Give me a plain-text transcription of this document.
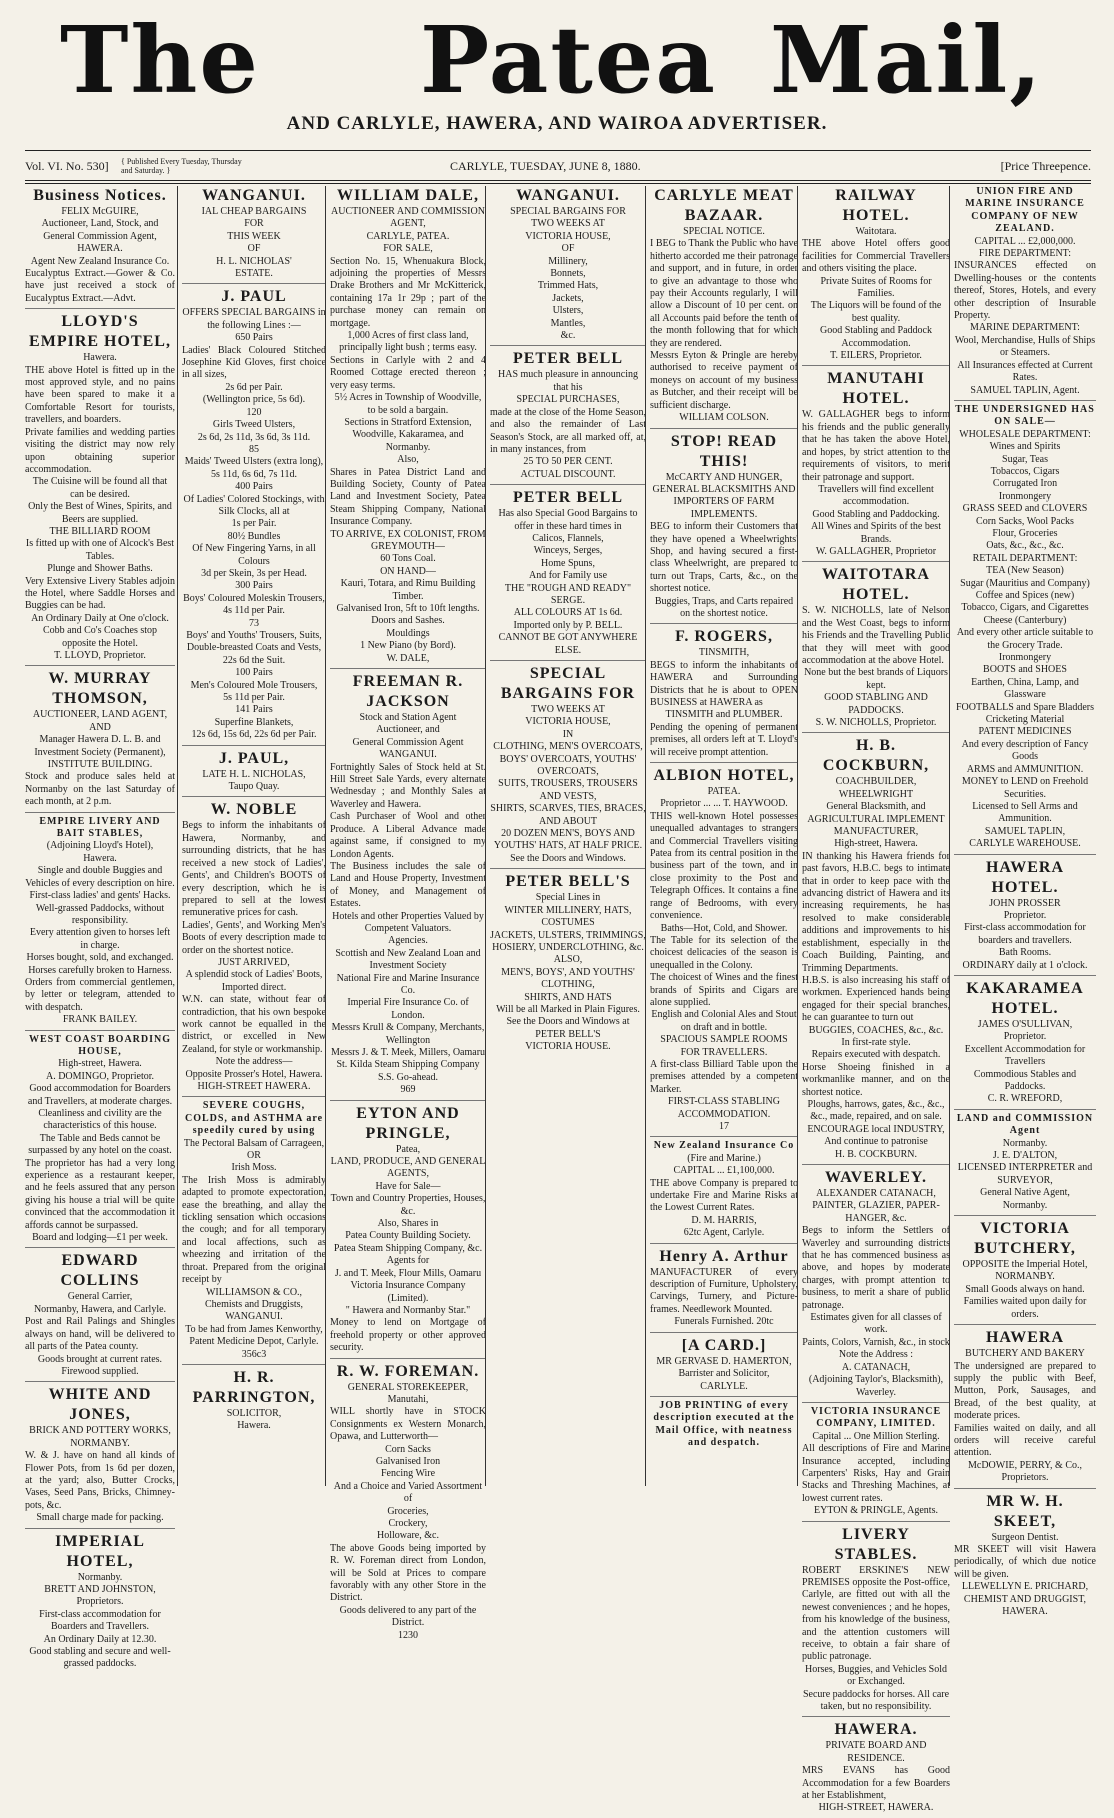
The Patea Mail,
AND CARLYLE, HAWERA, AND WAIROA ADVERTISER.
Vol. VI. No. 530] { Published Every Tuesday, Thursday and Saturday. }	CARLYLE, TUESDAY, JUNE 8, 1880.	[Price Threepence.

Business Notices.

FELIX McGUIRE,

Auctioneer, Land, Stock, and General Commission Agent,

HAWERA.

Agent New Zealand Insurance Co.

Eucalyptus Extract.—Gower & Co. have just received a stock of Eucalyptus Extract.—Advt.

LLOYD'S EMPIRE HOTEL,

Hawera.

THE above Hotel is fitted up in the most approved style, and no pains have been spared to make it a Comfortable Resort for tourists, travellers, and boarders.

Private families and wedding parties visiting the district may now rely upon obtaining superior accommodation.

The Cuisine will be found all that can be desired.

Only the Best of Wines, Spirits, and Beers are supplied.

THE BILLIARD ROOM

Is fitted up with one of Alcock's Best Tables.

Plunge and Shower Baths.

Very Extensive Livery Stables adjoin the Hotel, where Saddle Horses and Buggies can be had.

An Ordinary Daily at One o'clock.

Cobb and Co's Coaches stop opposite the Hotel.

T. LLOYD, Proprietor.

W. MURRAY THOMSON,

AUCTIONEER, LAND AGENT,

AND

Manager Hawera D. L. B. and Investment Society (Permanent),

INSTITUTE BUILDING.

Stock and produce sales held at Normanby on the last Saturday of each month, at 2 p.m.

EMPIRE LIVERY AND BAIT STABLES,

(Adjoining Lloyd's Hotel),

Hawera.

Single and double Buggies and Vehicles of every description on hire.

First-class ladies' and gents' Hacks.

Well-grassed Paddocks, without responsibility.

Every attention given to horses left in charge.

Horses bought, sold, and exchanged.

Horses carefully broken to Harness.

Orders from commercial gentlemen, by letter or telegram, attended to with despatch.

FRANK BAILEY.

WEST COAST BOARDING HOUSE,

High-street, Hawera.

A. DOMINGO, Proprietor.

Good accommodation for Boarders and Travellers, at moderate charges.

Cleanliness and civility are the characteristics of this house.

The Table and Beds cannot be surpassed by any hotel on the coast.

The proprietor has had a very long experience as a restaurant keeper, and he feels assured that any person giving his house a trial will be quite convinced that the accommodation it affords cannot be surpassed.

Board and lodging—£1 per week.

EDWARD COLLINS

General Carrier,

Normanby, Hawera, and Carlyle.

Post and Rail Palings and Shingles always on hand, will be delivered to all parts of the Patea county.

Goods brought at current rates.

Firewood supplied.

WHITE AND JONES,

BRICK AND POTTERY WORKS,

NORMANBY.

W. & J. have on hand all kinds of Flower Pots, from 1s 6d per dozen, at the yard; also, Butter Crocks, Vases, Seed Pans, Bricks, Chimney-pots, &c.

Small charge made for packing.

IMPERIAL HOTEL,

Normanby.

BRETT AND JOHNSTON,

Proprietors.

First-class accommodation for Boarders and Travellers.

An Ordinary Daily at 12.30.

Good stabling and secure and well-grassed paddocks.

WANGANUI.

IAL CHEAP BARGAINS

FOR

THIS WEEK

OF

H. L. NICHOLAS'

ESTATE.

J. PAUL

OFFERS SPECIAL BARGAINS in the following Lines :—

650 Pairs

Ladies' Black Coloured Stitched Josephine Kid Gloves, first choice in all sizes,

2s 6d per Pair.

(Wellington price, 5s 6d).

120

Girls Tweed Ulsters,

2s 6d, 2s 11d, 3s 6d, 3s 11d.

85

Maids' Tweed Ulsters (extra long),

5s 11d, 6s 6d, 7s 11d.

400 Pairs

Of Ladies' Colored Stockings, with Silk Clocks, all at

1s per Pair.

80½ Bundles

Of New Fingering Yarns, in all Colours

3d per Skein, 3s per Head.

300 Pairs

Boys' Coloured Moleskin Trousers,

4s 11d per Pair.

73

Boys' and Youths' Trousers, Suits, Double-breasted Coats and Vests,

22s 6d the Suit.

100 Pairs

Men's Coloured Mole Trousers,

5s 11d per Pair.

141 Pairs

Superfine Blankets,

12s 6d, 15s 6d, 22s 6d per Pair.

J. PAUL,

LATE H. L. NICHOLAS,

Taupo Quay.

W. NOBLE

Begs to inform the inhabitants of Hawera, Normanby, and surrounding districts, that he has received a new stock of Ladies', Gents', and Children's BOOTS of every description, which he is prepared to sell at the lowest remunerative prices for cash.

Ladies', Gents', and Working Men's Boots of every description made to order on the shortest notice.

JUST ARRIVED,

A splendid stock of Ladies' Boots, Imported direct.

W.N. can state, without fear of contradiction, that his own bespoke work cannot be equalled in the district, or excelled in New Zealand, for style or workmanship.

Note the address—

Opposite Prosser's Hotel, Hawera.

HIGH-STREET HAWERA.

SEVERE COUGHS, COLDS, and ASTHMA are speedily cured by using

The Pectoral Balsam of Carrageen,

OR

Irish Moss.

The Irish Moss is admirably adapted to promote expectoration, ease the breathing, and allay the tickling sensation which occasions the cough; and for all temporary and local affections, such as wheezing and irritation of the throat. Prepared from the original receipt by

WILLIAMSON & CO.,

Chemists and Druggists,

WANGANUI.

To be had from James Kenworthy, Patent Medicine Depot, Carlyle.

356c3

H. R. PARRINGTON,

SOLICITOR,

Hawera.

WILLIAM DALE,

AUCTIONEER AND COMMISSION AGENT,

CARLYLE, PATEA.

FOR SALE,

Section No. 15, Whenuakura Block, adjoining the properties of Messrs Drake Brothers and Mr McKitterick, containing 17a 1r 29p ; part of the purchase money can remain on mortgage.

1,000 Acres of first class land, principally light bush ; terms easy.

Sections in Carlyle with 2 and 4 Roomed Cottage erected thereon ; very easy terms.

5½ Acres in Township of Woodville, to be sold a bargain.

Sections in Stratford Extension, Woodville, Kakaramea, and Normanby.

Also,

Shares in Patea District Land and Building Society, County of Patea Land and Investment Society, Patea Steam Shipping Company, National Insurance Company.

TO ARRIVE, EX COLONIST, FROM GREYMOUTH—

60 Tons Coal.

ON HAND—

Kauri, Totara, and Rimu Building Timber.

Galvanised Iron, 5ft to 10ft lengths.

Doors and Sashes.

Mouldings

1 New Piano (by Bord).

W. DALE,

FREEMAN R. JACKSON

Stock and Station Agent

Auctioneer, and

General Commission Agent

WANGANUI.

Fortnightly Sales of Stock held at St. Hill Street Sale Yards, every alternate Wednesday ; and Monthly Sales at Waverley and Hawera.

Cash Purchaser of Wool and other Produce. A Liberal Advance made against same, if consigned to my London Agents.

The Business includes the sale of Land and House Property, Investment of Money, and Management of Estates.

Hotels and other Properties Valued by Competent Valuators.

Agencies.

Scottish and New Zealand Loan and Investment Society

National Fire and Marine Insurance Co.

Imperial Fire Insurance Co. of London.

Messrs Krull & Company, Merchants, Wellington

Messrs J. & T. Meek, Millers, Oamaru

St. Kilda Steam Shipping Company

S.S. Go-ahead.

969

EYTON AND PRINGLE,

Patea,

LAND, PRODUCE, AND GENERAL AGENTS,

Have for Sale—

Town and Country Properties, Houses, &c.

Also, Shares in

Patea County Building Society.

Patea Steam Shipping Company, &c.

Agents for

J. and T. Meek, Flour Mills, Oamaru

Victoria Insurance Company (Limited).

" Hawera and Normanby Star."

Money to lend on Mortgage of freehold property or other approved security.

R. W. FOREMAN.

GENERAL STOREKEEPER,

Manutahi,

WILL shortly have in STOCK Consignments ex Western Monarch, Opawa, and Lutterworth—

Corn Sacks

Galvanised Iron

Fencing Wire

And a Choice and Varied Assortment of

Groceries,

Crockery,

Holloware, &c.

The above Goods being imported by R. W. Foreman direct from London, will be Sold at Prices to compare favorably with any other Store in the District.

Goods delivered to any part of the District.

1230

WANGANUI.

SPECIAL BARGAINS FOR

TWO WEEKS AT

VICTORIA HOUSE,

OF

Millinery,

Bonnets,

Trimmed Hats,

Jackets,

Ulsters,

Mantles,

&c.

PETER BELL

HAS much pleasure in announcing that his

SPECIAL PURCHASES,

made at the close of the Home Season, and also the remainder of Last Season's Stock, are all marked off, at, in many instances, from

25 TO 50 PER CENT.

ACTUAL DISCOUNT.

PETER BELL

Has also Special Good Bargains to offer in these hard times in

Calicos, Flannels,

Winceys, Serges,

Home Spuns,

And for Family use

THE "ROUGH AND READY" SERGE.

ALL COLOURS AT 1s 6d.

Imported only by P. BELL.

CANNOT BE GOT ANYWHERE ELSE.

SPECIAL BARGAINS FOR

TWO WEEKS AT

VICTORIA HOUSE,

IN

CLOTHING, MEN'S OVERCOATS, BOYS' OVERCOATS, YOUTHS' OVERCOATS,

SUITS, TROUSERS, TROUSERS AND VESTS,

SHIRTS, SCARVES, TIES, BRACES,

AND ABOUT

20 DOZEN MEN'S, BOYS AND YOUTHS' HATS, AT HALF PRICE.

See the Doors and Windows.

PETER BELL'S

Special Lines in

WINTER MILLINERY, HATS, COSTUMES

JACKETS, ULSTERS, TRIMMINGS,

HOSIERY, UNDERCLOTHING, &c.

ALSO,

MEN'S, BOYS', AND YOUTHS' CLOTHING,

SHIRTS, AND HATS

Will be all Marked in Plain Figures.

See the Doors and Windows at

PETER BELL'S

VICTORIA HOUSE.

CARLYLE MEAT BAZAAR.

SPECIAL NOTICE.

I BEG to Thank the Public who have hitherto accorded me their patronage and support, and in future, in order to give an advantage to those who pay their Accounts regularly, I will allow a Discount of 10 per cent. on all Accounts paid before the tenth of the month following that for which they are rendered.

Messrs Eyton & Pringle are hereby authorised to receive payment of moneys on account of my business as Butcher, and their receipt will be sufficient discharge.

WILLIAM COLSON.

STOP! READ THIS!

McCARTY AND HUNGER,

GENERAL BLACKSMITHS AND IMPORTERS OF FARM IMPLEMENTS.

BEG to inform their Customers that they have opened a Wheelwrights' Shop, and having secured a first-class Wheelwright, are prepared to turn out Traps, Carts, &c., on the shortest notice.

Buggies, Traps, and Carts repaired on the shortest notice.

F. ROGERS,

TINSMITH,

BEGS to inform the inhabitants of HAWERA and Surrounding Districts that he is about to OPEN BUSINESS at HAWERA as

TINSMITH and PLUMBER.

Pending the opening of permanent premises, all orders left at T. Lloyd's will receive prompt attention.

ALBION HOTEL,

PATEA.

Proprietor ... ... T. HAYWOOD.

THIS well-known Hotel possesses unequalled advantages to strangers and Commercial Travellers visiting Patea from its central position in the business part of the town, and in close proximity to the Post and Telegraph Offices. It contains a fine range of Bedrooms, with every convenience.

Baths—Hot, Cold, and Shower.

The Table for its selection of the choicest delicacies of the season is unequalled in the Colony.

The choicest of Wines and the finest brands of Spirits and Cigars are alone supplied.

English and Colonial Ales and Stout on draft and in bottle.

SPACIOUS SAMPLE ROOMS FOR TRAVELLERS.

A first-class Billiard Table upon the premises attended by a competent Marker.

FIRST-CLASS STABLING ACCOMMODATION.

17

New Zealand Insurance Co

(Fire and Marine.)

CAPITAL ... £1,100,000.

THE above Company is prepared to undertake Fire and Marine Risks at the Lowest Current Rates.

D. M. HARRIS,

62tc Agent, Carlyle.

Henry A. Arthur

MANUFACTURER of every description of Furniture, Upholstery, Carvings, Turnery, and Picture-frames. Needlework Mounted.

Funerals Furnished. 20tc

[A CARD.]

MR GERVASE D. HAMERTON,

Barrister and Solicitor,

CARLYLE.

JOB PRINTING of every description executed at the Mail Office, with neatness and despatch.

RAILWAY HOTEL.

Waitotara.

THE above Hotel offers good facilities for Commercial Travellers and others visiting the place.

Private Suites of Rooms for Families.

The Liquors will be found of the best quality.

Good Stabling and Paddock Accommodation.

T. EILERS, Proprietor.

MANUTAHI HOTEL.

W. GALLAGHER begs to inform his friends and the public generally that he has taken the above Hotel, and hopes, by strict attention to the requirements of visitors, to merit their patronage and support.

Travellers will find excellent accommodation.

Good Stabling and Paddocking.

All Wines and Spirits of the best Brands.

W. GALLAGHER, Proprietor

WAITOTARA HOTEL.

S. W. NICHOLLS, late of Nelson and the West Coast, begs to inform his Friends and the Travelling Public that they will meet with good accommodation at the above Hotel.

None but the best brands of Liquors kept.

GOOD STABLING AND PADDOCKS.

S. W. NICHOLLS, Proprietor.

H. B. COCKBURN,

COACHBUILDER, WHEELWRIGHT

General Blacksmith, and

AGRICULTURAL IMPLEMENT MANUFACTURER,

High-street, Hawera.

IN thanking his Hawera friends for past favors, H.B.C. begs to intimate that in order to keep pace with the advancing district of Hawera and its increasing requirements, he has resolved to make considerable additions and improvements to his establishment, especially in the Coach Building, Painting, and Trimming Departments.

H.B.S. is also increasing his staff of workmen. Experienced hands being engaged for their special branches, he can guarantee to turn out

BUGGIES, COACHES, &c., &c.

In first-rate style.

Repairs executed with despatch.

Horse Shoeing finished in a workmanlike manner, and on the shortest notice.

Ploughs, harrows, gates, &c., &c., &c., made, repaired, and on sale.

ENCOURAGE local INDUSTRY,

And continue to patronise

H. B. COCKBURN.

WAVERLEY.

ALEXANDER CATANACH,

PAINTER, GLAZIER, PAPER-HANGER, &c.

Begs to inform the Settlers of Waverley and surrounding districts that he has commenced business as above, and hopes by moderate charges, with prompt attention to business, to merit a share of public patronage.

Estimates given for all classes of work.

Paints, Colors, Varnish, &c., in stock

Note the Address :

A. CATANACH,

(Adjoining Taylor's, Blacksmith),

Waverley.

VICTORIA INSURANCE COMPANY, LIMITED.

Capital ... One Million Sterling.

All descriptions of Fire and Marine Insurance accepted, including Carpenters' Risks, Hay and Grain Stacks and Threshing Machines, at lowest current rates.

EYTON & PRINGLE, Agents.

LIVERY STABLES.

ROBERT ERSKINE'S NEW PREMISES opposite the Post-office, Carlyle, are fitted out with all the newest conveniences ; and he hopes, from his knowledge of the business, and the attention customers will receive, to obtain a fair share of public patronage.

Horses, Buggies, and Vehicles Sold or Exchanged.

Secure paddocks for horses. All care taken, but no responsibility.

HAWERA.

PRIVATE BOARD AND RESIDENCE.

MRS EVANS has Good Accommodation for a few Boarders at her Establishment,

HIGH-STREET, HAWERA.

UNION FIRE AND MARINE INSURANCE COMPANY OF NEW ZEALAND.

CAPITAL ... £2,000,000.

FIRE DEPARTMENT:

INSURANCES effected on Dwelling-houses or the contents thereof, Stores, Hotels, and every other description of Insurable Property.

MARINE DEPARTMENT:

Wool, Merchandise, Hulls of Ships or Steamers.

All Insurances effected at Current Rates.

SAMUEL TAPLIN, Agent.

THE UNDERSIGNED HAS ON SALE—

WHOLESALE DEPARTMENT:

Wines and Spirits

Sugar, Teas

Tobaccos, Cigars

Corrugated Iron

Ironmongery

GRASS SEED and CLOVERS

Corn Sacks, Wool Packs

Flour, Groceries

Oats, &c., &c., &c.

RETAIL DEPARTMENT:

TEA (New Season)

Sugar (Mauritius and Company)

Coffee and Spices (new)

Tobacco, Cigars, and Cigarettes

Cheese (Canterbury)

And every other article suitable to the Grocery Trade.

Ironmongery

BOOTS and SHOES

Earthen, China, Lamp, and Glassware

FOOTBALLS and Spare Bladders

Cricketing Material

PATENT MEDICINES

And every description of Fancy Goods

ARMS and AMMUNITION.

MONEY to LEND on Freehold Securities.

Licensed to Sell Arms and Ammunition.

SAMUEL TAPLIN,

CARLYLE WAREHOUSE.

HAWERA HOTEL.

JOHN PROSSER

Proprietor.

First-class accommodation for boarders and travellers.

Bath Rooms.

ORDINARY daily at 1 o'clock.

KAKARAMEA HOTEL.

JAMES O'SULLIVAN,

Proprietor.

Excellent Accommodation for Travellers

Commodious Stables and Paddocks.

C. R. WREFORD,

LAND and COMMISSION Agent

Normanby.

J. E. D'ALTON,

LICENSED INTERPRETER and SURVEYOR,

General Native Agent,

Normanby.

VICTORIA BUTCHERY,

OPPOSITE the Imperial Hotel,

NORMANBY.

Small Goods always on hand.

Families waited upon daily for orders.

HAWERA

BUTCHERY AND BAKERY

The undersigned are prepared to supply the public with Beef, Mutton, Pork, Sausages, and Bread, of the best quality, at moderate prices.

Families waited on daily, and all orders will receive careful attention.

McDOWIE, PERRY, & Co., Proprietors.

MR W. H. SKEET,

Surgeon Dentist.

MR SKEET will visit Hawera periodically, of which due notice will be given.

LLEWELLYN E. PRICHARD,

CHEMIST AND DRUGGIST,

HAWERA.
